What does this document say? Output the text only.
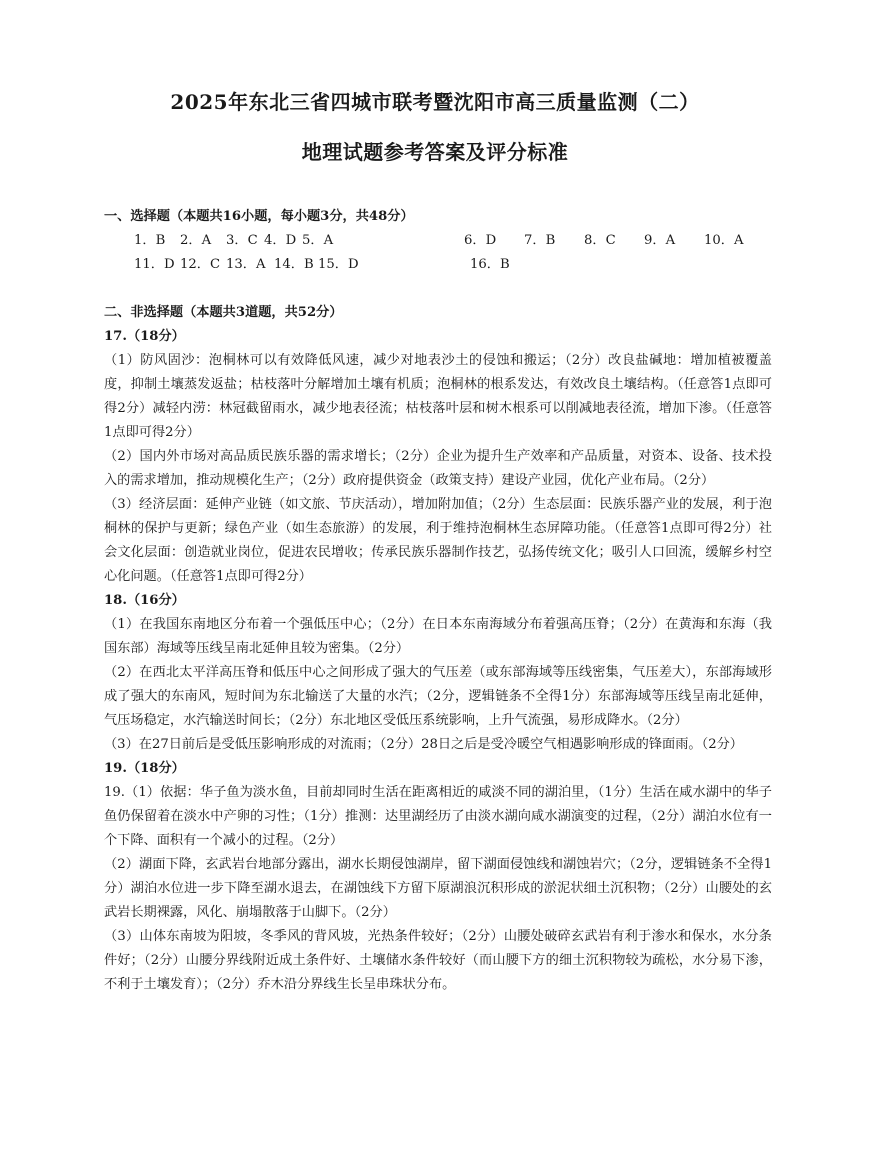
2025年东北三省四城市联考暨沈阳市高三质量监测（二）
地理试题参考答案及评分标准
一、选择题（本题共16小题，每小题3分，共48分）
1．B 2．A 3．C 4．D 5．A	6．D 7．B 8．C 9．A 10．A
11．D 12．C 13．A 14．B 15．D	16．B
二、非选择题（本题共3道题，共52分）
17.（18分）
（1）防风固沙：泡桐林可以有效降低风速，减少对地表沙土的侵蚀和搬运；（2分）改良盐碱地：增加植被覆盖度，抑制土壤蒸发返盐；枯枝落叶分解增加土壤有机质；泡桐林的根系发达，有效改良土壤结构。（任意答1点即可得2分）减轻内涝：林冠截留雨水，减少地表径流；枯枝落叶层和树木根系可以削减地表径流，增加下渗。（任意答1点即可得2分）
（2）国内外市场对高品质民族乐器的需求增长；（2分）企业为提升生产效率和产品质量，对资本、设备、技术投入的需求增加，推动规模化生产；（2分）政府提供资金（政策支持）建设产业园，优化产业布局。（2分）
（3）经济层面：延伸产业链（如文旅、节庆活动），增加附加值；（2分）生态层面：民族乐器产业的发展，利于泡桐林的保护与更新；绿色产业（如生态旅游）的发展，利于维持泡桐林生态屏障功能。（任意答1点即可得2分）社会文化层面：创造就业岗位，促进农民增收；传承民族乐器制作技艺，弘扬传统文化；吸引人口回流，缓解乡村空心化问题。（任意答1点即可得2分）
18.（16分）
（1）在我国东南地区分布着一个强低压中心；（2分）在日本东南海域分布着强高压脊；（2分）在黄海和东海（我国东部）海域等压线呈南北延伸且较为密集。（2分）
（2）在西北太平洋高压脊和低压中心之间形成了强大的气压差（或东部海域等压线密集，气压差大），东部海域形成了强大的东南风，短时间为东北输送了大量的水汽；（2分，逻辑链条不全得1分）东部海域等压线呈南北延伸，气压场稳定，水汽输送时间长；（2分）东北地区受低压系统影响，上升气流强，易形成降水。（2分）
（3）在27日前后是受低压影响形成的对流雨；（2分）28日之后是受冷暖空气相遇影响形成的锋面雨。（2分）
19.（18分）
19.（1）依据：华子鱼为淡水鱼，目前却同时生活在距离相近的咸淡不同的湖泊里，（1分）生活在咸水湖中的华子鱼仍保留着在淡水中产卵的习性；（1分）推测：达里湖经历了由淡水湖向咸水湖演变的过程，（2分）湖泊水位有一个下降、面积有一个减小的过程。（2分）
（2）湖面下降，玄武岩台地部分露出，湖水长期侵蚀湖岸，留下湖面侵蚀线和湖蚀岩穴；（2分，逻辑链条不全得1分）湖泊水位进一步下降至湖水退去，在湖蚀线下方留下原湖浪沉积形成的淤泥状细土沉积物；（2分）山腰处的玄武岩长期裸露，风化、崩塌散落于山脚下。（2分）
（3）山体东南坡为阳坡，冬季风的背风坡，光热条件较好；（2分）山腰处破碎玄武岩有利于渗水和保水，水分条件好；（2分）山腰分界线附近成土条件好、土壤储水条件较好（而山腰下方的细土沉积物较为疏松，水分易下渗，不利于土壤发育）；（2分）乔木沿分界线生长呈串珠状分布。
